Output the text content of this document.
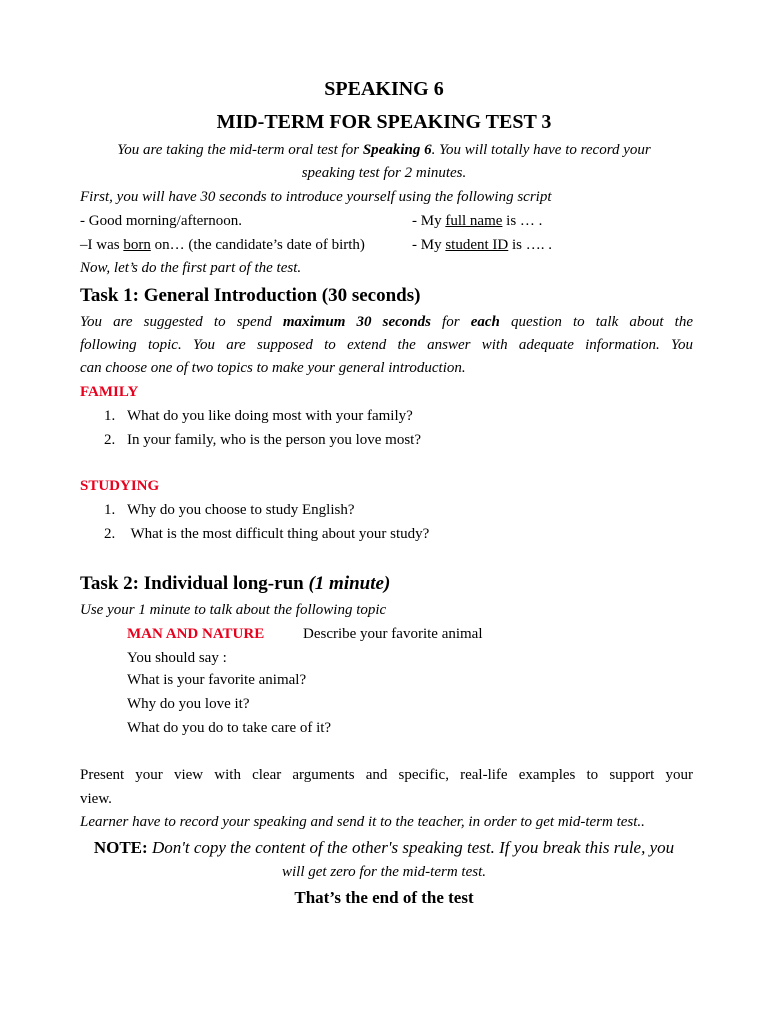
SPEAKING 6
MID-TERM FOR SPEAKING TEST 3
You are taking the mid-term oral test for Speaking 6. You will totally have to record your
speaking test for 2 minutes.
First, you will have 30 seconds to introduce yourself using the following script
- Good morning/afternoon.	- My full name is … .
–I was born on… (the candidate’s date of birth)	- My student ID is …. .
Now, let’s do the first part of the test.
Task 1: General Introduction (30 seconds)
You are suggested to spend maximum 30 seconds for each question to talk about the
following topic. You are supposed to extend the answer with adequate information. You
can choose one of two topics to make your general introduction.
FAMILY
1. What do you like doing most with your family?
2. In your family, who is the person you love most?
STUDYING
1. Why do you choose to study English?
2. What is the most difficult thing about your study?
Task 2: Individual long-run (1 minute)
Use your 1 minute to talk about the following topic
MAN AND NATURE	Describe your favorite animal
You should say :
What is your favorite animal?
Why do you love it?
What do you do to take care of it?
Present your view with clear arguments and specific, real-life examples to support your
view.
Learner have to record your speaking and send it to the teacher, in order to get mid-term test..
NOTE: Don't copy the content of the other's speaking test. If you break this rule, you
will get zero for the mid-term test.
That’s the end of the test
